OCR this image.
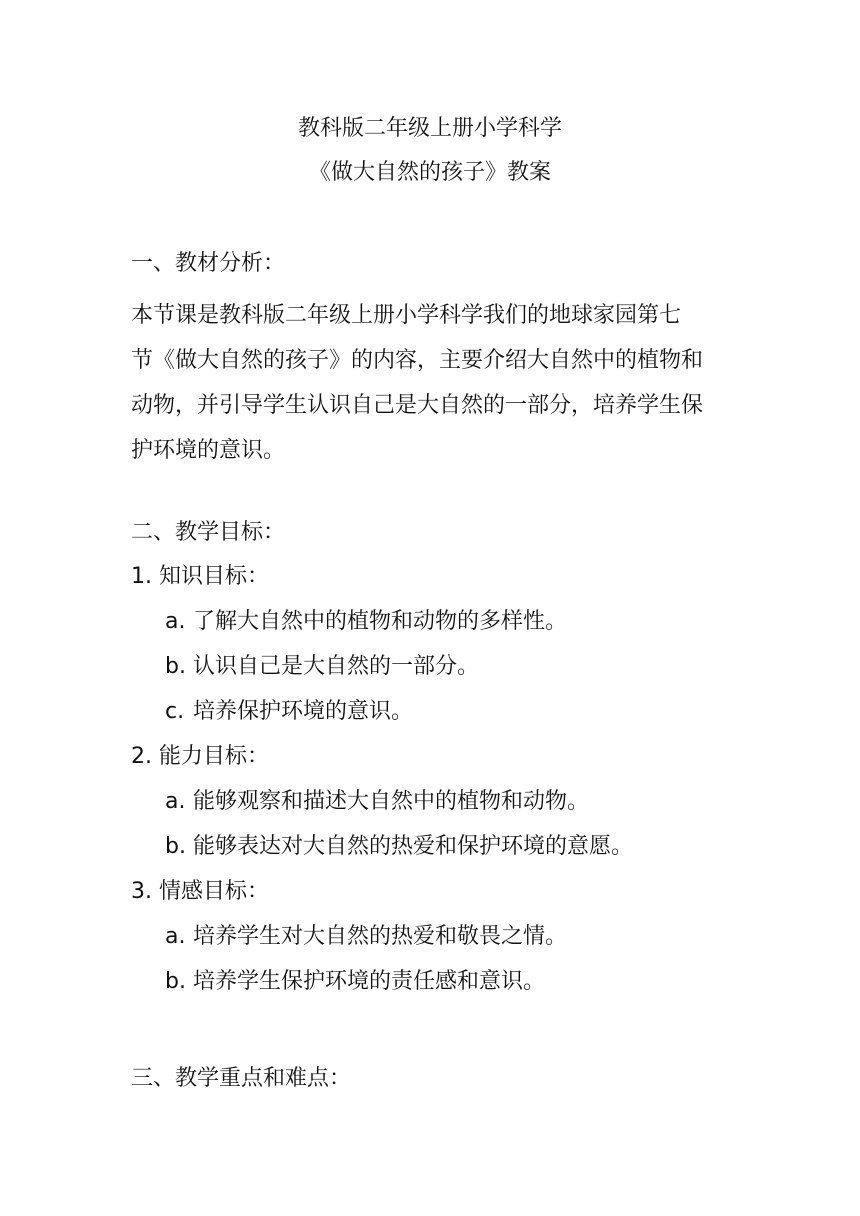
教科版二年级上册小学科学
《做大自然的孩子》教案
一、教材分析：

本节课是教科版二年级上册小学科学我们的地球家园第七
节《做大自然的孩子》的内容，主要介绍大自然中的植物和
动物，并引导学生认识自己是大自然的一部分，培养学生保
护环境的意识。

二、教学目标：
1. 知识目标：
a. 了解大自然中的植物和动物的多样性。
b. 认识自己是大自然的一部分。
c. 培养保护环境的意识。
2. 能力目标：
a. 能够观察和描述大自然中的植物和动物。
b. 能够表达对大自然的热爱和保护环境的意愿。
3. 情感目标：
a. 培养学生对大自然的热爱和敬畏之情。
b. 培养学生保护环境的责任感和意识。
三、教学重点和难点：
